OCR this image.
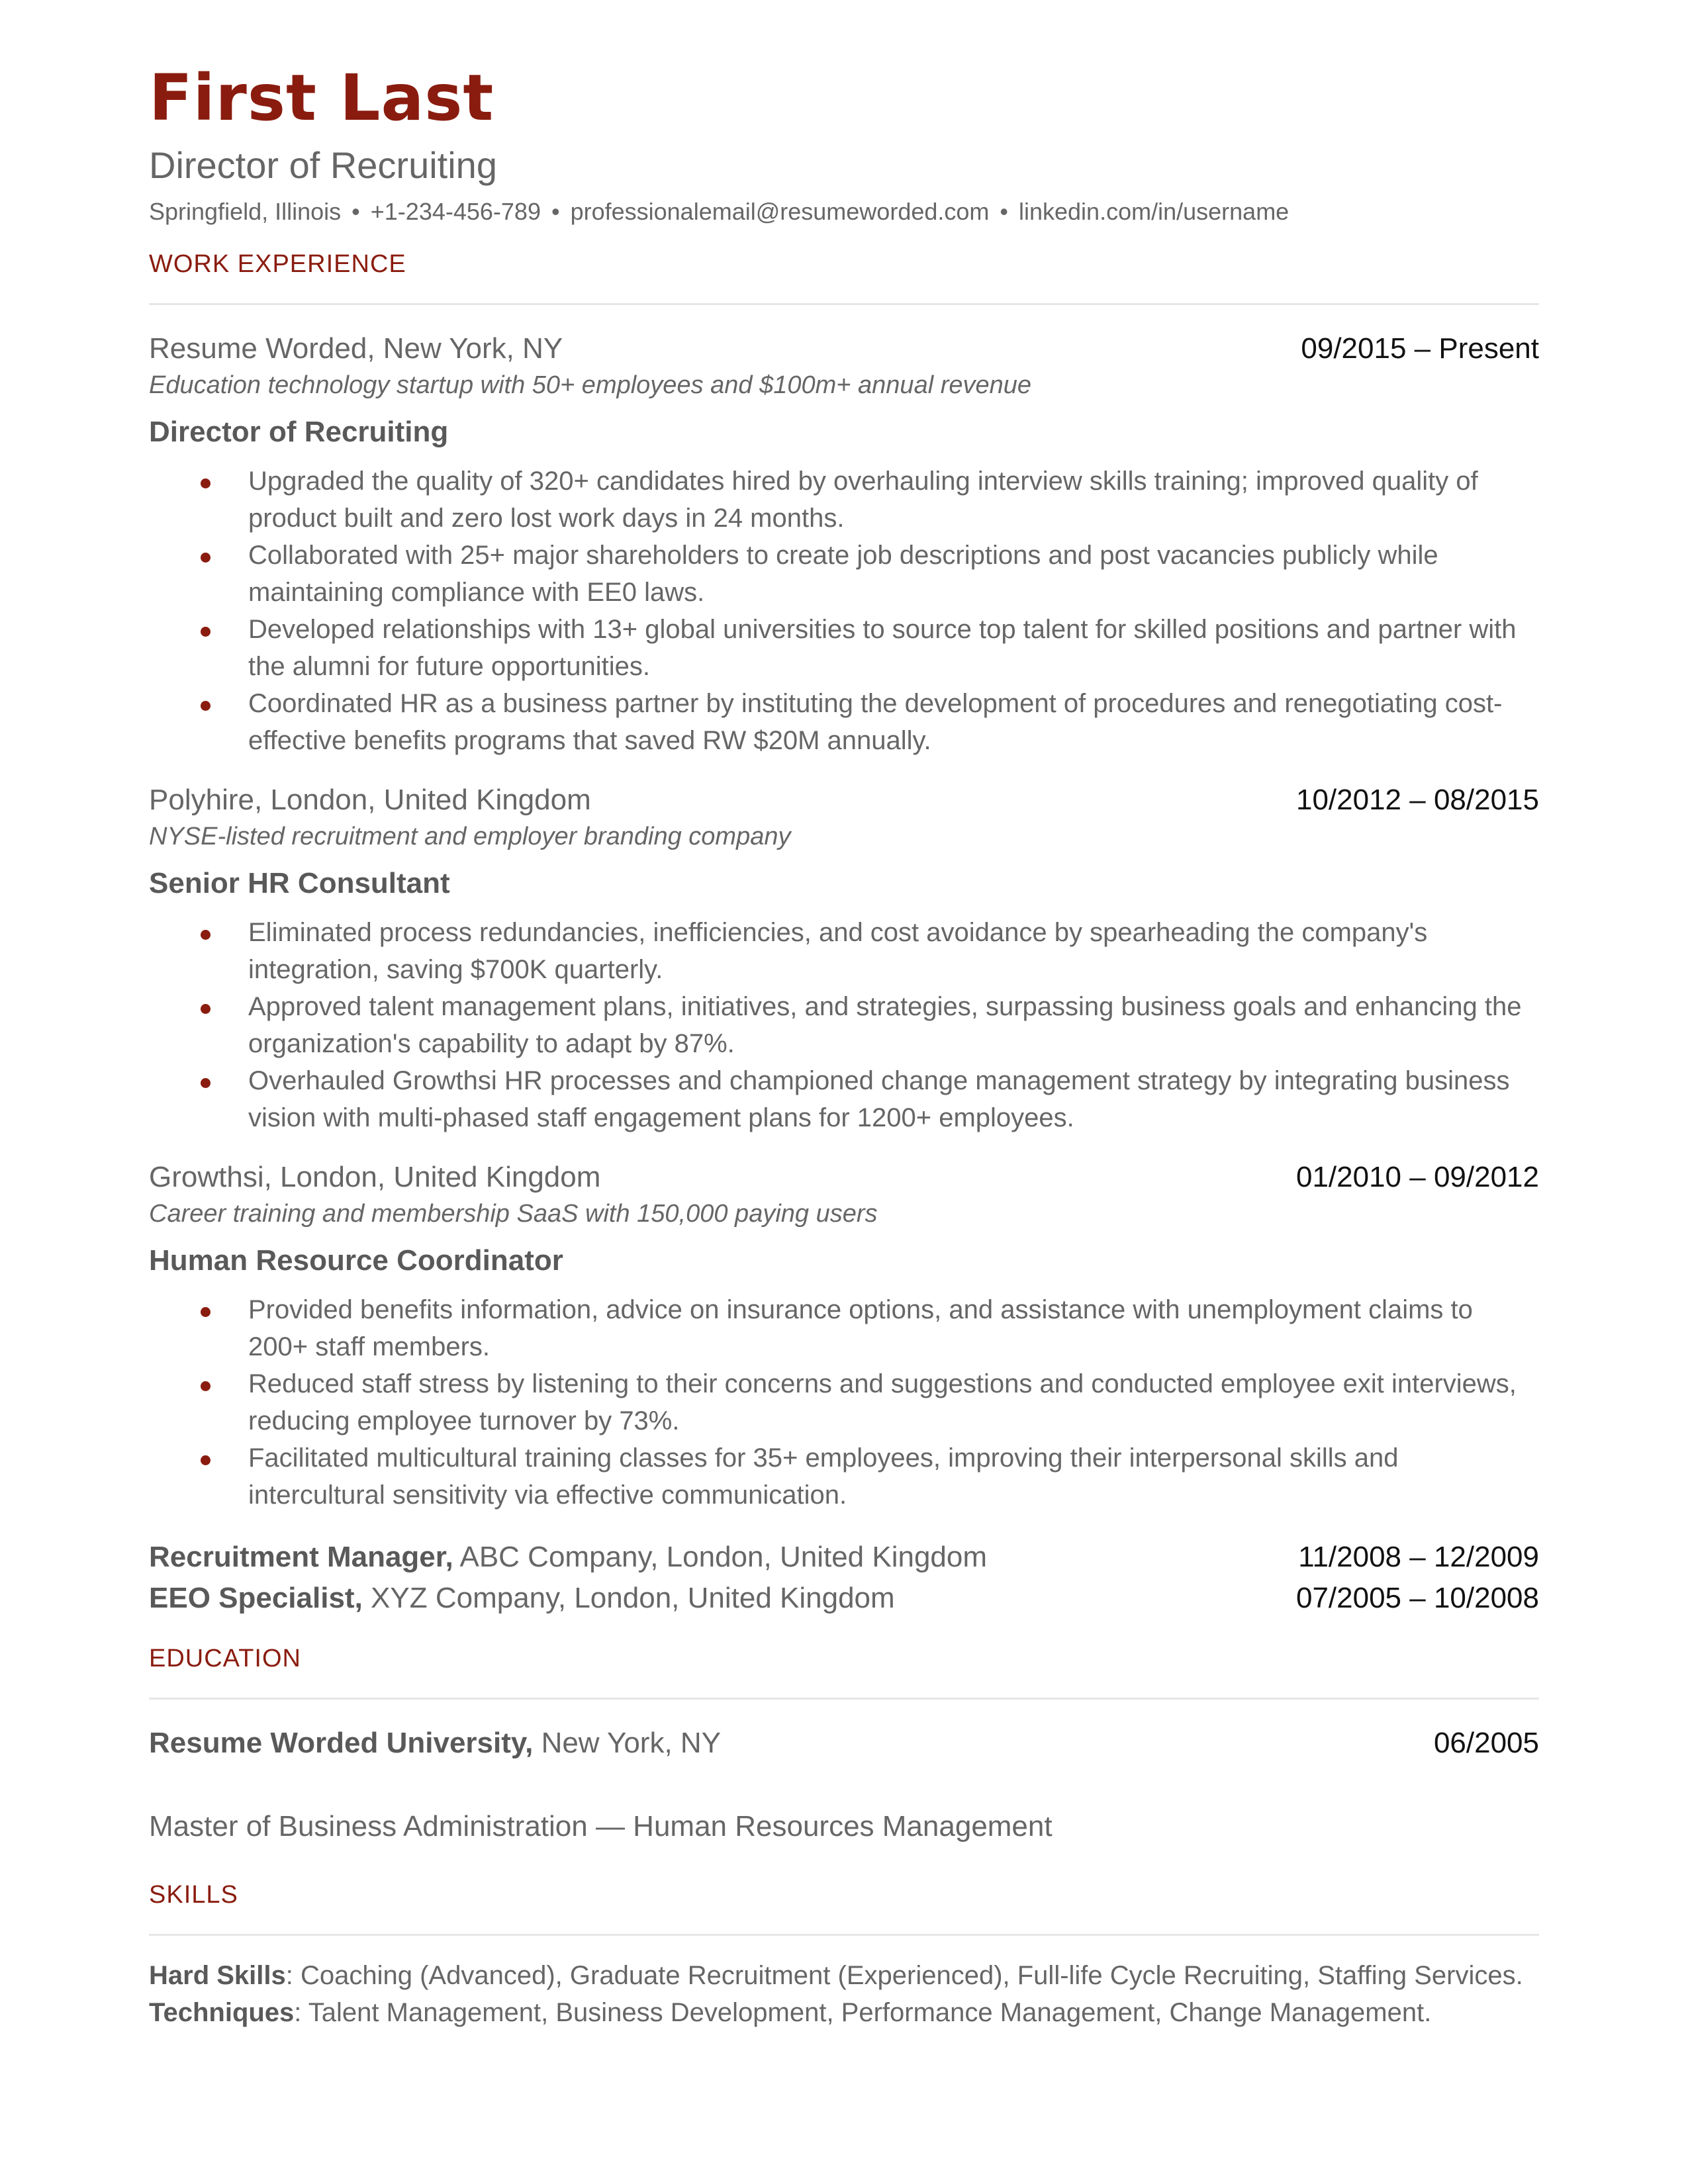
First Last
Director of Recruiting
Springfield, Illinois • +1-234-456-789 • professionalemail@resumeworded.com • linkedin.com/in/username
WORK EXPERIENCE
Resume Worded, New York, NY	09/2015 – Present
Education technology startup with 50+ employees and $100m+ annual revenue
Director of Recruiting
Upgraded the quality of 320+ candidates hired by overhauling interview skills training; improved quality of product built and zero lost work days in 24 months.
Collaborated with 25+ major shareholders to create job descriptions and post vacancies publicly while maintaining compliance with EE0 laws.
Developed relationships with 13+ global universities to source top talent for skilled positions and partner with the alumni for future opportunities.
Coordinated HR as a business partner by instituting the development of procedures and renegotiating cost-effective benefits programs that saved RW $20M annually.
Polyhire, London, United Kingdom	10/2012 – 08/2015
NYSE-listed recruitment and employer branding company
Senior HR Consultant
Eliminated process redundancies, inefficiencies, and cost avoidance by spearheading the company's integration, saving $700K quarterly.
Approved talent management plans, initiatives, and strategies, surpassing business goals and enhancing the organization's capability to adapt by 87%.
Overhauled Growthsi HR processes and championed change management strategy by integrating business vision with multi-phased staff engagement plans for 1200+ employees.
Growthsi, London, United Kingdom	01/2010 – 09/2012
Career training and membership SaaS with 150,000 paying users
Human Resource Coordinator
Provided benefits information, advice on insurance options, and assistance with unemployment claims to 200+ staff members.
Reduced staff stress by listening to their concerns and suggestions and conducted employee exit interviews, reducing employee turnover by 73%.
Facilitated multicultural training classes for 35+ employees, improving their interpersonal skills and intercultural sensitivity via effective communication.
Recruitment Manager, ABC Company, London, United Kingdom	11/2008 – 12/2009
EEO Specialist, XYZ Company, London, United Kingdom	07/2005 – 10/2008
EDUCATION
Resume Worded University, New York, NY	06/2005
Master of Business Administration — Human Resources Management
SKILLS
Hard Skills: Coaching (Advanced), Graduate Recruitment (Experienced), Full-life Cycle Recruiting, Staffing Services.
Techniques: Talent Management, Business Development, Performance Management, Change Management.
